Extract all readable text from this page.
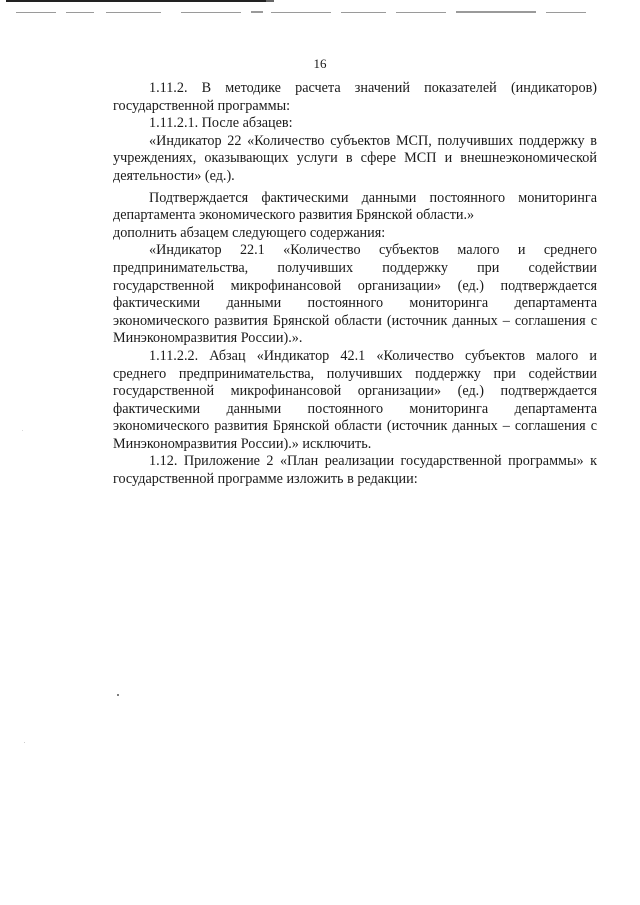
16

1.11.2. В методике расчета значений показателей (индикаторов) государственной программы:

1.11.2.1. После абзацев:

«Индикатор 22 «Количество субъектов МСП, получивших поддержку в учреждениях, оказывающих услуги в сфере МСП и внешнеэкономической деятельности» (ед.).

Подтверждается фактическими данными постоянного мониторинга департамента экономического развития Брянской области.»

дополнить абзацем следующего содержания:

«Индикатор 22.1 «Количество субъектов малого и среднего предпринимательства, получивших поддержку при содействии государственной микрофинансовой организации» (ед.) подтверждается фактическими данными постоянного мониторинга департамента экономического развития Брянской области (источник данных – соглашения с Минэкономразвития России).».

1.11.2.2. Абзац «Индикатор 42.1 «Количество субъектов малого и среднего предпринимательства, получивших поддержку при содействии государственной микрофинансовой организации» (ед.) подтверждается фактическими данными постоянного мониторинга департамента экономического развития Брянской области (источник данных – соглашения с Минэкономразвития России).» исключить.

1.12. Приложение 2 «План реализации государственной программы» к государственной программе изложить в редакции:
